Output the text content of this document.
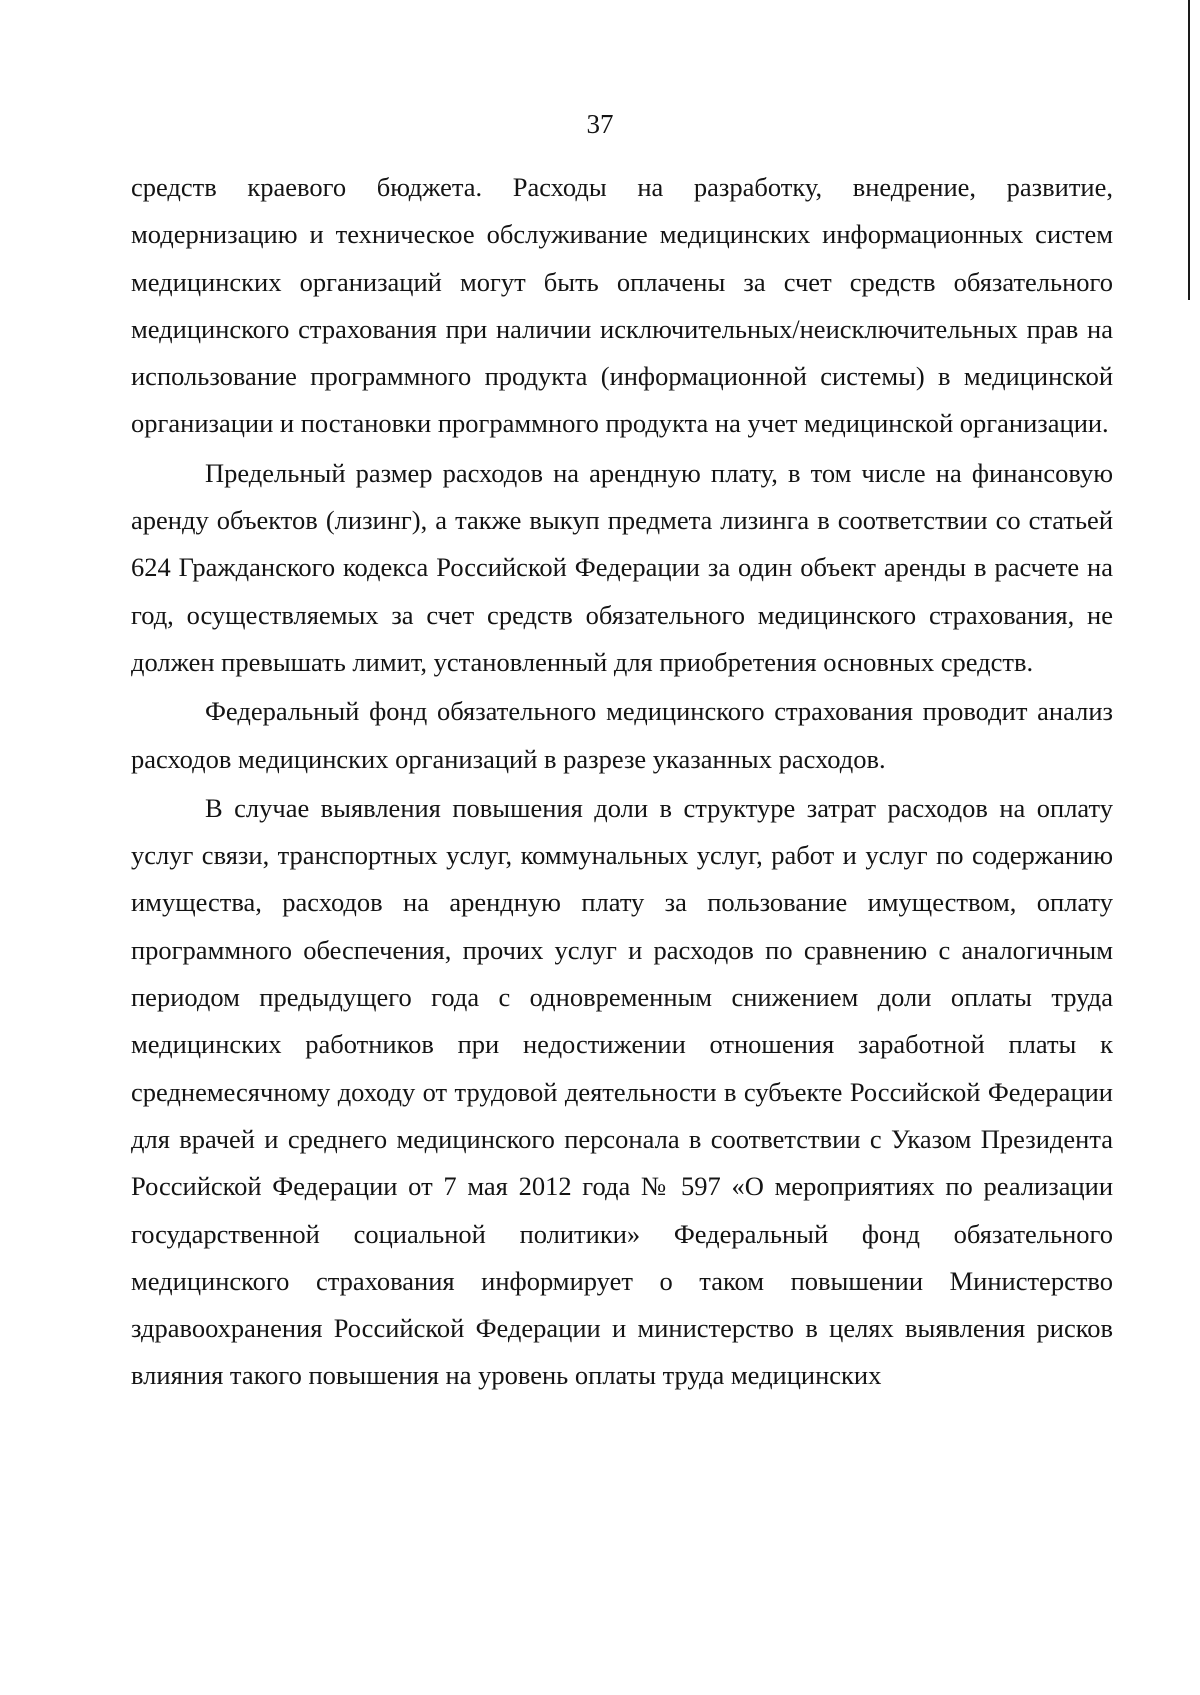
37

средств краевого бюджета. Расходы на разработку, внедрение, развитие, модернизацию и техническое обслуживание медицинских информационных систем медицинских организаций могут быть оплачены за счет средств обязательного медицинского страхования при наличии исключительных/неисключительных прав на использование программного продукта (информационной системы) в медицинской организации и постановки программного продукта на учет медицинской организации.

Предельный размер расходов на арендную плату, в том числе на финансовую аренду объектов (лизинг), а также выкуп предмета лизинга в соответствии со статьей 624 Гражданского кодекса Российской Федерации за один объект аренды в расчете на год, осуществляемых за счет средств обязательного медицинского страхования, не должен превышать лимит, установленный для приобретения основных средств.

Федеральный фонд обязательного медицинского страхования проводит анализ расходов медицинских организаций в разрезе указанных расходов.

В случае выявления повышения доли в структуре затрат расходов на оплату услуг связи, транспортных услуг, коммунальных услуг, работ и услуг по содержанию имущества, расходов на арендную плату за пользование имуществом, оплату программного обеспечения, прочих услуг и расходов по сравнению с аналогичным периодом предыдущего года с одновременным снижением доли оплаты труда медицинских работников при недостижении отношения заработной платы к среднемесячному доходу от трудовой деятельности в субъекте Российской Федерации для врачей и среднего медицинского персонала в соответствии с Указом Президента Российской Федерации от 7 мая 2012 года № 597 «О мероприятиях по реализации государственной социальной политики» Федеральный фонд обязательного медицинского страхования информирует о таком повышении Министерство здравоохранения Российской Федерации и министерство в целях выявления рисков влияния такого повышения на уровень оплаты труда медицинских
